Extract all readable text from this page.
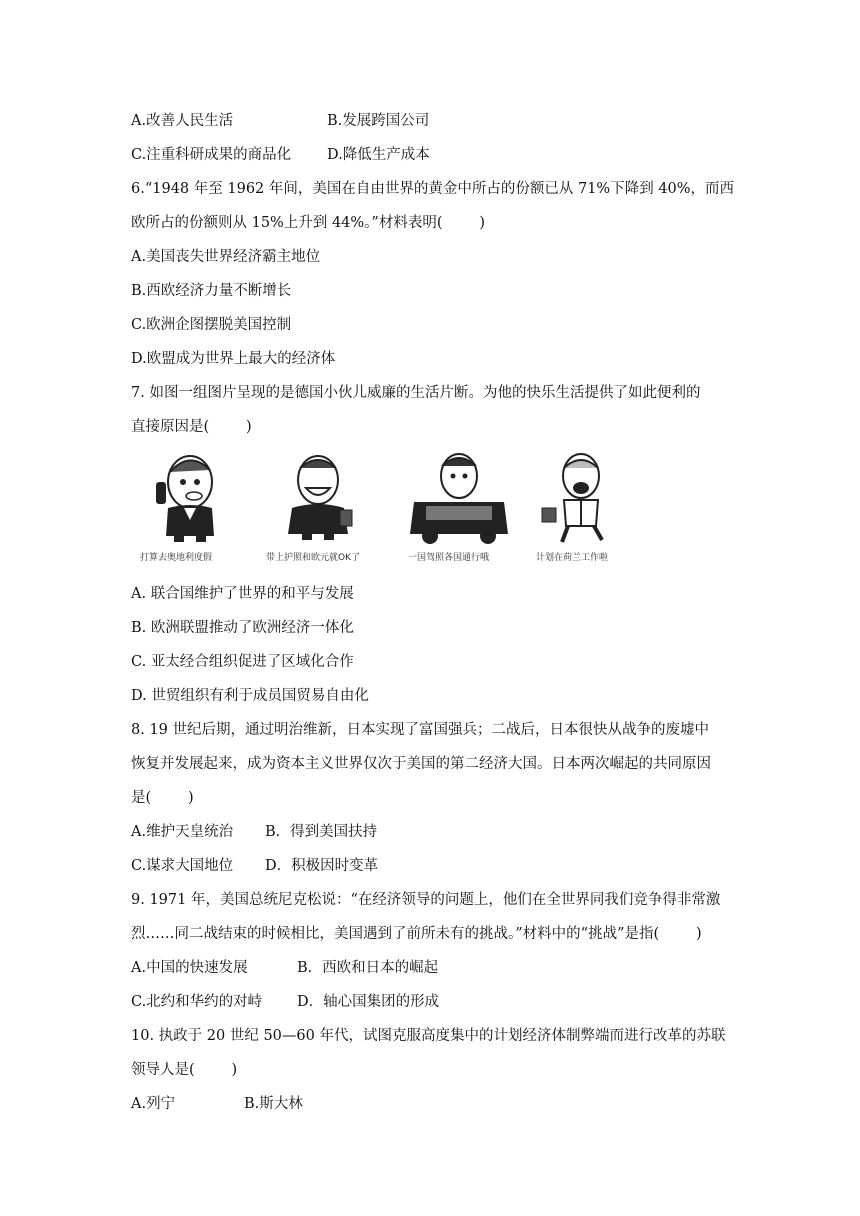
A.改善人民生活	B.发展跨国公司
C.注重科研成果的商品化 D.降低生产成本
6.“1948 年至 1962 年间，美国在自由世界的黄金中所占的份额已从 71%下降到 40%，而西
欧所占的份额则从 15%上升到 44%。”材料表明(        )
A.美国丧失世界经济霸主地位
B.西欧经济力量不断增长
C.欧洲企图摆脱美国控制
D.欧盟成为世界上最大的经济体
7. 如图一组图片呈现的是德国小伙儿威廉的生活片断。为他的快乐生活提供了如此便利的
直接原因是(        )
打算去奥地利度假	带上护照和欧元就OK了	一国驾照各国通行哦	计划在荷兰工作啦
A. 联合国维护了世界的和平与发展
B. 欧洲联盟推动了欧洲经济一体化
C. 亚太经合组织促进了区域化合作
D. 世贸组织有利于成员国贸易自由化
8. 19 世纪后期，通过明治维新，日本实现了富国强兵；二战后，日本很快从战争的废墟中
恢复并发展起来，成为资本主义世界仅次于美国的第二经济大国。日本两次崛起的共同原因
是(        )
A.维护天皇统治 B．得到美国扶持
C.谋求大国地位 D．积极因时变革
9. 1971 年，美国总统尼克松说：“在经济领导的问题上，他们在全世界同我们竞争得非常激
烈……同二战结束的时候相比，美国遇到了前所未有的挑战。”材料中的“挑战”是指(        )
A.中国的快速发展	B．西欧和日本的崛起
C.北约和华约的对峙 D．轴心国集团的形成
10. 执政于 20 世纪 50—60 年代，试图克服高度集中的计划经济体制弊端而进行改革的苏联
领导人是(        )
A.列宁	B.斯大林
